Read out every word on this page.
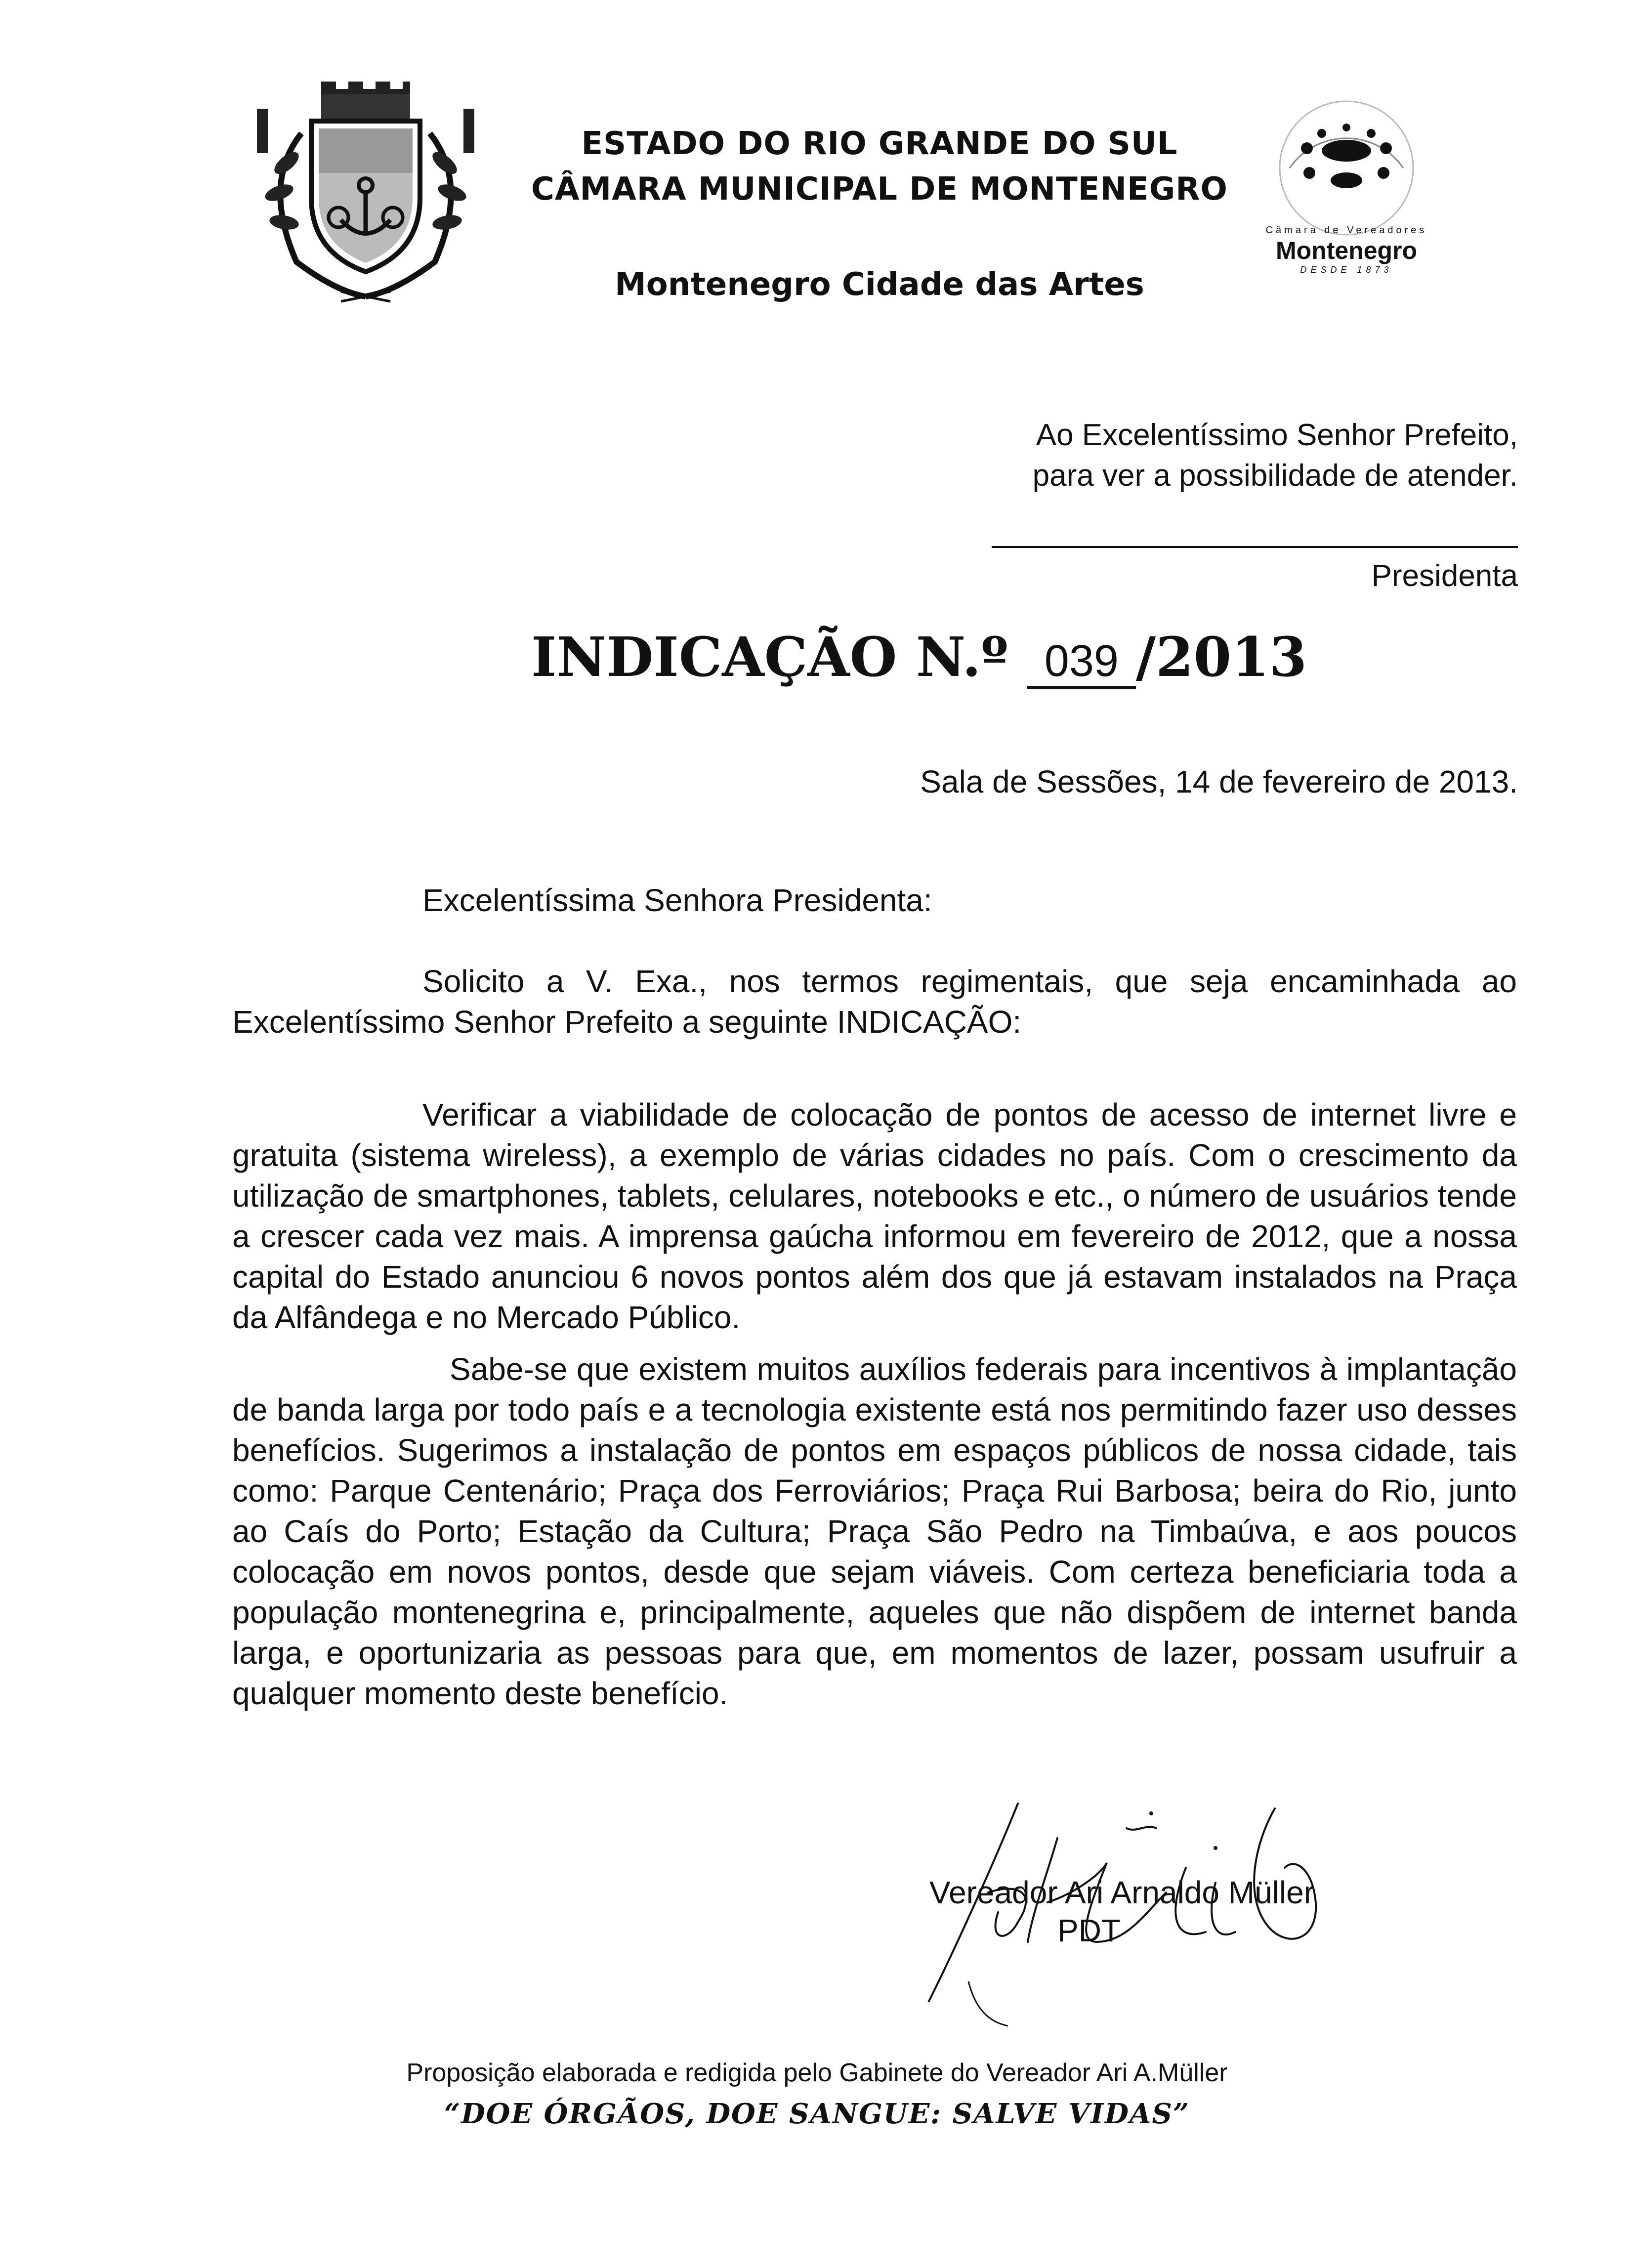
ESTADO DO RIO GRANDE DO SUL
CÂMARA MUNICIPAL DE MONTENEGRO
Montenegro Cidade das Artes
Câmara de Vereadores
Montenegro
DESDE 1873
Ao Excelentíssimo Senhor Prefeito,
para ver a possibilidade de atender.
Presidenta
INDICAÇÃO N.º 039 /2013
Sala de Sessões, 14 de fevereiro de 2013.
Excelentíssima Senhora Presidenta:

Solicito a V. Exa., nos termos regimentais, que seja encaminhada ao Excelentíssimo Senhor Prefeito a seguinte INDICAÇÃO:

Verificar a viabilidade de colocação de pontos de acesso de internet livre e gratuita (sistema wireless), a exemplo de várias cidades no país. Com o crescimento da utilização de smartphones, tablets, celulares, notebooks e etc., o número de usuários tende a crescer cada vez mais. A imprensa gaúcha informou em fevereiro de 2012, que a nossa capital do Estado anunciou 6 novos pontos além dos que já estavam instalados na Praça da Alfândega e no Mercado Público.

Sabe-se que existem muitos auxílios federais para incentivos à implantação de banda larga por todo país e a tecnologia existente está nos permitindo fazer uso desses benefícios. Sugerimos a instalação de pontos em espaços públicos de nossa cidade, tais como: Parque Centenário; Praça dos Ferroviários; Praça Rui Barbosa; beira do Rio, junto ao Caís do Porto; Estação da Cultura; Praça São Pedro na Timbaúva, e aos poucos colocação em novos pontos, desde que sejam viáveis. Com certeza beneficiaria toda a população montenegrina e, principalmente, aqueles que não dispõem de internet banda larga, e oportunizaria as pessoas para que, em momentos de lazer, possam usufruir a qualquer momento deste benefício.

Vereador Ari Arnaldo Müller
PDT
Proposição elaborada e redigida pelo Gabinete do Vereador Ari A.Müller
“DOE ÓRGÃOS, DOE SANGUE: SALVE VIDAS”
